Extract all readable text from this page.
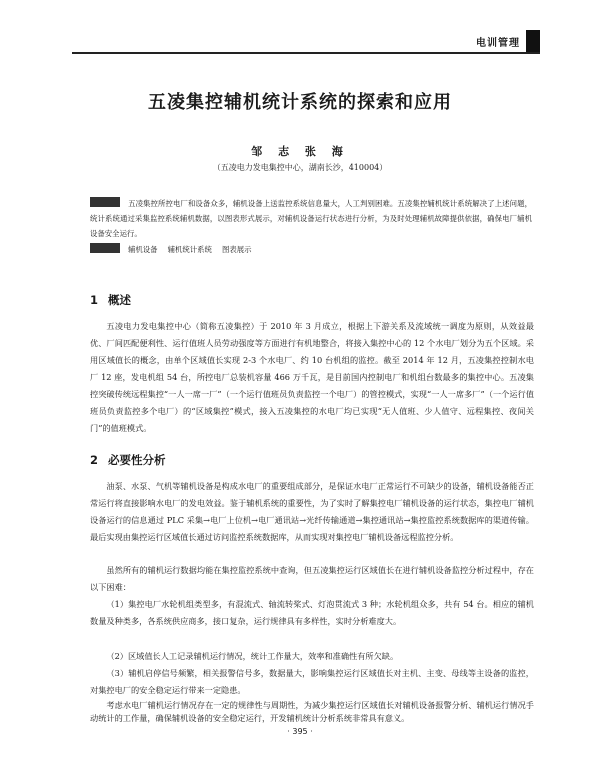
电训管理
五凌集控辅机统计系统的探索和应用
邹 志 张 海
（五凌电力发电集控中心，湖南长沙，410004）
五凌集控所控电厂和设备众多，辅机设备上送监控系统信息量大，人工判别困难。五凌集控辅机统计系统解决了上述问题，统计系统通过采集监控系统辅机数据，以图表形式展示，对辅机设备运行状态进行分析，为及时处理辅机故障提供依据，确保电厂辅机设备安全运行。
辅机设备 辅机统计系统 图表展示
1 概述
五凌电力发电集控中心（简称五凌集控）于 2010 年 3 月成立，根据上下游关系及流域统一调度为原则，从效益最优、厂间匹配便利性、运行值班人员劳动强度等方面进行有机地整合，将接入集控中心的 12 个水电厂划分为五个区域。采用区域值长的概念，由单个区域值长实现 2-3 个水电厂、约 10 台机组的监控。截至 2014 年 12 月，五凌集控控制水电厂 12 座，发电机组 54 台，所控电厂总装机容量 466 万千瓦，是目前国内控制电厂和机组台数最多的集控中心。五凌集控突破传统远程集控“一人一席一厂”（一个运行值班员负责监控一个电厂）的管控模式，实现“一人一席多厂”（一个运行值班员负责监控多个电厂）的“区域集控”模式，接入五凌集控的水电厂均已实现“无人值班、少人值守、远程集控、夜间关门”的值班模式。
2 必要性分析
油泵、水泵、气机等辅机设备是构成水电厂的重要组成部分，是保证水电厂正常运行不可缺少的设备，辅机设备能否正常运行将直接影响水电厂的发电效益。鉴于辅机系统的重要性，为了实时了解集控电厂辅机设备的运行状态，集控电厂辅机设备运行的信息通过 PLC 采集→电厂上位机→电厂通讯站→光纤传输通道→集控通讯站→集控监控系统数据库的渠道传输。最后实现由集控运行区域值长通过访问监控系统数据库，从而实现对集控电厂辅机设备远程监控分析。
虽然所有的辅机运行数据均能在集控监控系统中查询，但五凌集控运行区域值长在进行辅机设备监控分析过程中，存在以下困难：
（1）集控电厂水轮机组类型多，有混流式、轴流转桨式、灯泡贯流式 3 种；水轮机组众多，共有 54 台。相应的辅机数量及种类多，各系统供应商多，接口复杂，运行规律具有多样性，实时分析难度大。
（2）区域值长人工记录辅机运行情况，统计工作量大，效率和准确性有所欠缺。
（3）辅机启停信号频繁，相关报警信号多，数据量大，影响集控运行区域值长对主机、主变、母线等主设备的监控，对集控电厂的安全稳定运行带来一定隐患。
考虑水电厂辅机运行情况存在一定的规律性与周期性，为减少集控运行区域值长对辅机设备报警分析、辅机运行情况手动统计的工作量，确保辅机设备的安全稳定运行，开发辅机统计分析系统非常具有意义。
· 395 ·
